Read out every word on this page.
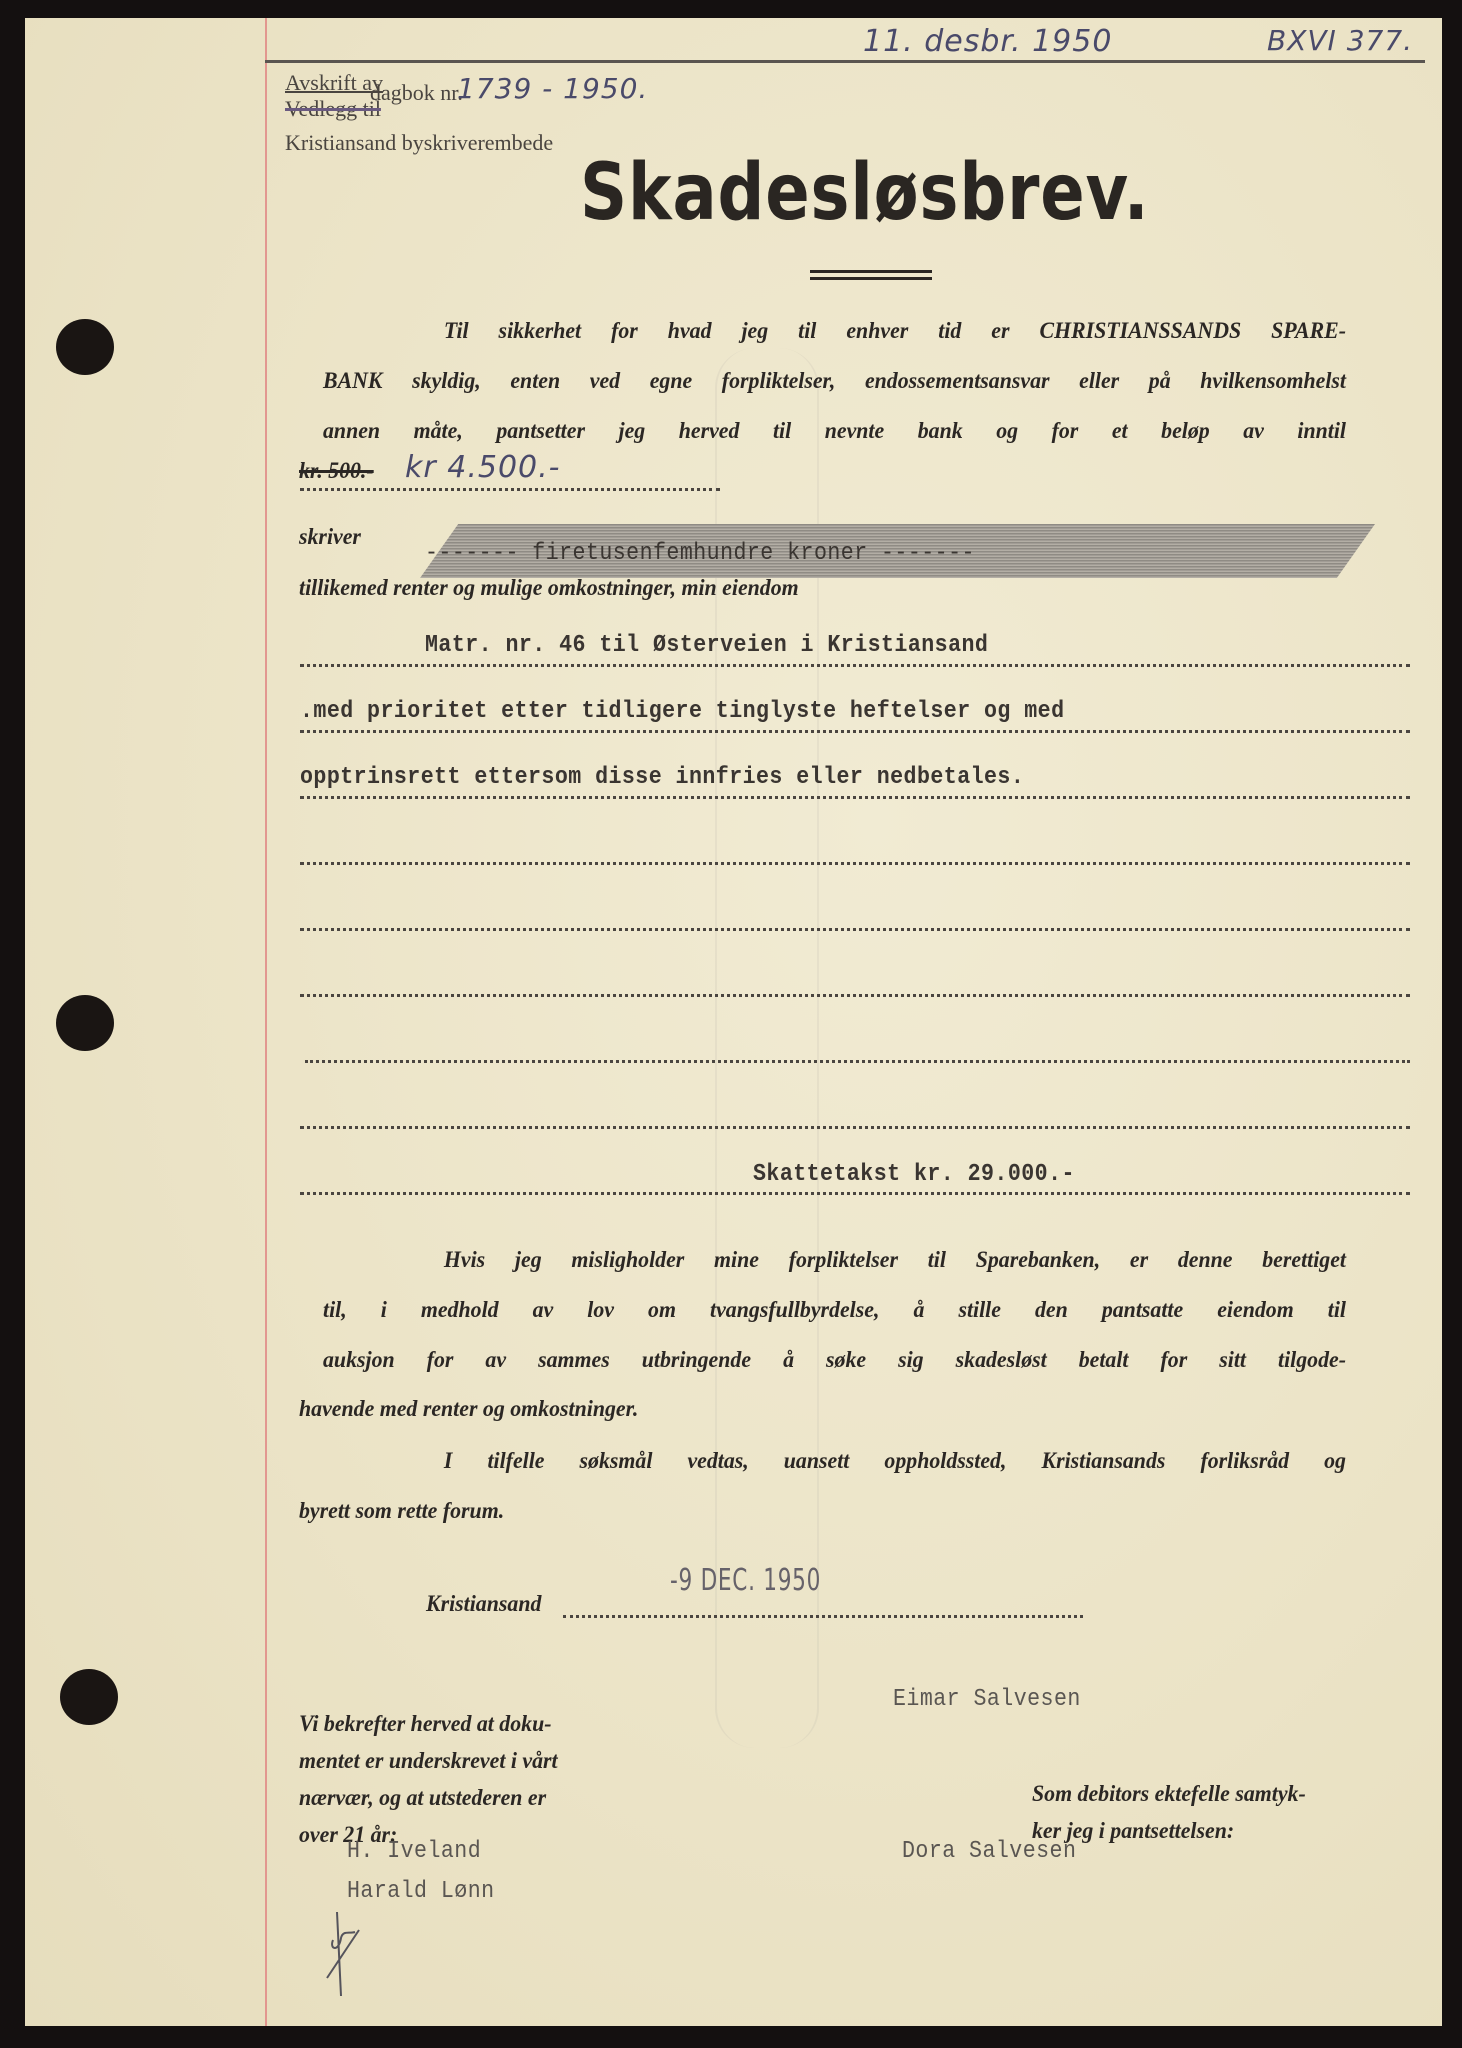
11. desbr. 1950	BXVI 377.
Avskrift av
Vedlegg til
dagbok nr.
1739 - 1950.
Kristiansand byskriverembede
Skadesløsbrev.
Til sikkerhet for hvad jeg til enhver tid er CHRISTIANSSANDS SPARE-
BANK skyldig, enten ved egne forpliktelser, endossementsansvar eller på hvilkensomhelst
annen måte, pantsetter jeg herved til nevnte bank og for et beløp av inntil
kr. 500.- kr 4.500.-
skriver
------- firetusenfemhundre kroner -------
tillikemed renter og mulige omkostninger, min eiendom
Matr. nr. 46 til Østerveien i Kristiansand
.med prioritet etter tidligere tinglyste heftelser og med
opptrinsrett ettersom disse innfries eller nedbetales.
Skattetakst kr. 29.000.-
Hvis jeg misligholder mine forpliktelser til Sparebanken, er denne berettiget
til, i medhold av lov om tvangsfullbyrdelse, å stille den pantsatte eiendom til
auksjon for av sammes utbringende å søke sig skadesløst betalt for sitt tilgode-
havende med renter og omkostninger.
I tilfelle søksmål vedtas, uansett oppholdssted, Kristiansands forliksråd og
byrett som rette forum.
-9 DEC. 1950
Kristiansand
Eimar Salvesen
Vi bekrefter herved at doku-
mentet er underskrevet i vårt
nærvær, og at utstederen er
over 21 år:
Som debitors ektefelle samtyk-
ker jeg i pantsettelsen:
H. Iveland
Harald Lønn
Dora Salvesen
